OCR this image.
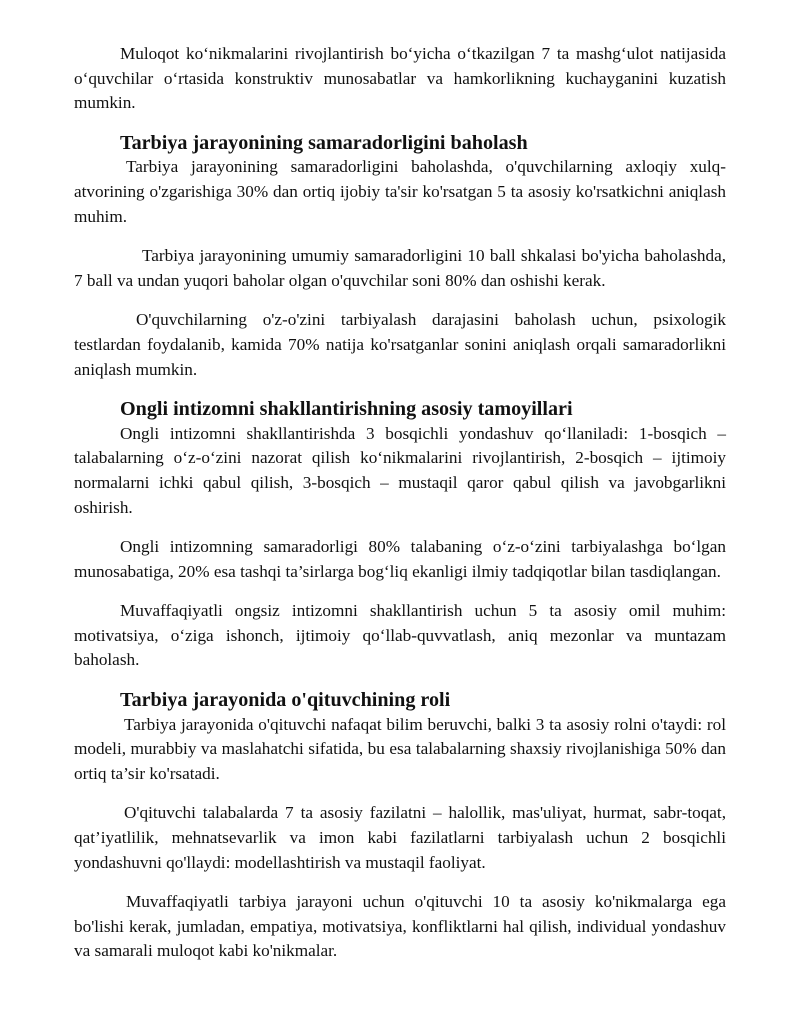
Muloqot ko‘nikmalarini rivojlantirish bo‘yicha o‘tkazilgan 7 ta mashg‘ulot natijasida o‘quvchilar o‘rtasida konstruktiv munosabatlar va hamkorlikning kuchayganini kuzatish mumkin.

Tarbiya jarayonining samaradorligini baholash

Tarbiya jarayonining samaradorligini baholashda, o'quvchilarning axloqiy xulq-atvorining o'zgarishiga 30% dan ortiq ijobiy ta'sir ko'rsatgan 5 ta asosiy ko'rsatkichni aniqlash muhim.

Tarbiya jarayonining umumiy samaradorligini 10 ball shkalasi bo'yicha baholashda, 7 ball va undan yuqori baholar olgan o'quvchilar soni 80% dan oshishi kerak.

O'quvchilarning o'z-o'zini tarbiyalash darajasini baholash uchun, psixologik testlardan foydalanib, kamida 70% natija ko'rsatganlar sonini aniqlash orqali samaradorlikni aniqlash mumkin.

Ongli intizomni shakllantirishning asosiy tamoyillari

Ongli intizomni shakllantirishda 3 bosqichli yondashuv qo‘llaniladi: 1-bosqich – talabalarning o‘z-o‘zini nazorat qilish ko‘nikmalarini rivojlantirish, 2-bosqich – ijtimoiy normalarni ichki qabul qilish, 3-bosqich – mustaqil qaror qabul qilish va javobgarlikni oshirish.

Ongli intizomning samaradorligi 80% talabaning o‘z-o‘zini tarbiyalashga bo‘lgan munosabatiga, 20% esa tashqi ta’sirlarga bog‘liq ekanligi ilmiy tadqiqotlar bilan tasdiqlangan.

Muvaffaqiyatli ongsiz intizomni shakllantirish uchun 5 ta asosiy omil muhim: motivatsiya, o‘ziga ishonch, ijtimoiy qo‘llab-quvvatlash, aniq mezonlar va muntazam baholash.

Tarbiya jarayonida o'qituvchining roli

Tarbiya jarayonida o'qituvchi nafaqat bilim beruvchi, balki 3 ta asosiy rolni o'taydi: rol modeli, murabbiy va maslahatchi sifatida, bu esa talabalarning shaxsiy rivojlanishiga 50% dan ortiq ta’sir ko'rsatadi.

O'qituvchi talabalarda 7 ta asosiy fazilatni – halollik, mas'uliyat, hurmat, sabr-toqat, qat’iyatlilik, mehnatsevarlik va imon kabi fazilatlarni tarbiyalash uchun 2 bosqichli yondashuvni qo'llaydi: modellashtirish va mustaqil faoliyat.

Muvaffaqiyatli tarbiya jarayoni uchun o'qituvchi 10 ta asosiy ko'nikmalarga ega bo'lishi kerak, jumladan, empatiya, motivatsiya, konfliktlarni hal qilish, individual yondashuv va samarali muloqot kabi ko'nikmalar.
